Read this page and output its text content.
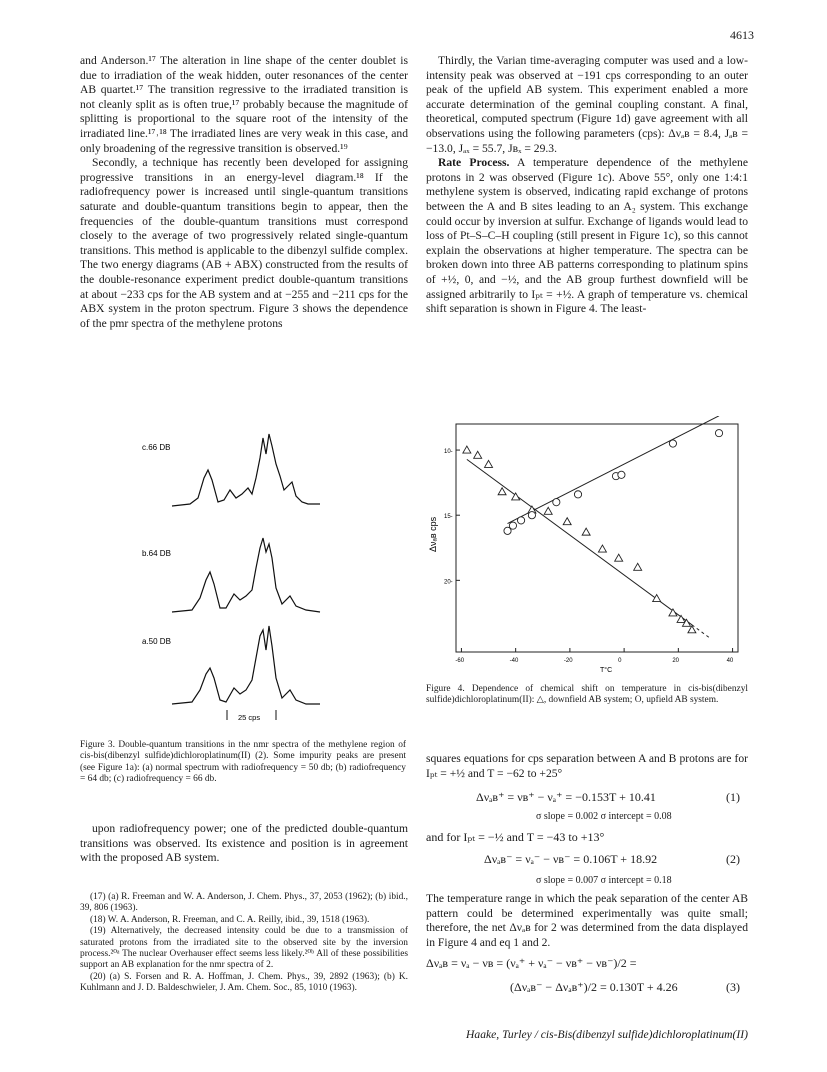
4613

and Anderson.¹⁷ The alteration in line shape of the center doublet is due to irradiation of the weak hidden, outer resonances of the center AB quartet.¹⁷ The transition regressive to the irradiated transition is not cleanly split as is often true,¹⁷ probably because the magnitude of splitting is proportional to the square root of the intensity of the irradiated line.¹⁷˒¹⁸ The irradiated lines are very weak in this case, and only broadening of the regressive transition is observed.¹⁹

Secondly, a technique has recently been developed for assigning progressive transitions in an energy-level diagram.¹⁸ If the radiofrequency power is increased until single-quantum transitions saturate and double-quantum transitions begin to appear, then the frequencies of the double-quantum transitions must correspond closely to the average of two progressively related single-quantum transitions. This method is applicable to the dibenzyl sulfide complex. The two energy diagrams (AB + ABX) constructed from the results of the double-resonance experiment predict double-quantum transitions at about −233 cps for the AB system and at −255 and −211 cps for the ABX system in the proton spectrum. Figure 3 shows the dependence of the pmr spectra of the methylene protons

Thirdly, the Varian time-averaging computer was used and a low-intensity peak was observed at −191 cps corresponding to an outer peak of the upfield AB system. This experiment enabled a more accurate determination of the geminal coupling constant. A final, theoretical, computed spectrum (Figure 1d) gave agreement with all observations using the following parameters (cps): Δνₐʙ = 8.4, Jₐʙ = −13.0, Jₐₓ = 55.7, Jʙₓ = 29.3.

Rate Process. A temperature dependence of the methylene protons in 2 was observed (Figure 1c). Above 55°, only one 1:4:1 methylene system is observed, indicating rapid exchange of protons between the A and B sites leading to an A₂ system. This exchange could occur by inversion at sulfur. Exchange of ligands would lead to loss of Pt–S–C–H coupling (still present in Figure 1c), so this cannot explain the observations at higher temperature. The spectra can be broken down into three AB patterns corresponding to platinum spins of +½, 0, and −½, and the AB group furthest downfield will be assigned arbitrarily to Iₚₜ = +½. A graph of temperature vs. chemical shift separation is shown in Figure 4. The least-

c.66 DB
b.64 DB
a.50 DB
25 cps
Figure 3. Double-quantum transitions in the nmr spectra of the methylene region of cis-bis(dibenzyl sulfide)dichloroplatinum(II) (2). Some impurity peaks are present (see Figure 1a): (a) normal spectrum with radiofrequency = 50 db; (b) radiofrequency = 64 db; (c) radiofrequency = 66 db.
20-
15-
10-
-60	-40	-20	0	20	40
Δνₐʙ cps
T°C
Figure 4. Dependence of chemical shift on temperature in cis-bis(dibenzyl sulfide)dichloroplatinum(II): △, downfield AB system; O, upfield AB system.

upon radiofrequency power; one of the predicted double-quantum transitions was observed. Its existence and position is in agreement with the proposed AB system.

(17) (a) R. Freeman and W. A. Anderson, J. Chem. Phys., 37, 2053 (1962); (b) ibid., 39, 806 (1963).

(18) W. A. Anderson, R. Freeman, and C. A. Reilly, ibid., 39, 1518 (1963).

(19) Alternatively, the decreased intensity could be due to a transmission of saturated protons from the irradiated site to the observed site by the inversion process.²⁰ᵃ The nuclear Overhauser effect seems less likely.²⁰ᵇ All of these possibilities support an AB explanation for the nmr spectra of 2.

(20) (a) S. Forsen and R. A. Hoffman, J. Chem. Phys., 39, 2892 (1963); (b) K. Kuhlmann and J. D. Baldeschwieler, J. Am. Chem. Soc., 85, 1010 (1963).

squares equations for cps separation between A and B protons are for Iₚₜ = +½ and T = −62 to +25°

Δνₐʙ⁺ = νʙ⁺ − νₐ⁺ = −0.153T + 10.41	(1)
σ slope = 0.002 σ intercept = 0.08
and for Iₚₜ = −½ and T = −43 to +13°
Δνₐʙ⁻ = νₐ⁻ − νʙ⁻ = 0.106T + 18.92	(2)
σ slope = 0.007 σ intercept = 0.18

The temperature range in which the peak separation of the center AB pattern could be determined experimentally was quite small; therefore, the net Δνₐʙ for 2 was determined from the data displayed in Figure 4 and eq 1 and 2.

Δνₐʙ = νₐ − νʙ = (νₐ⁺ + νₐ⁻ − νʙ⁺ − νʙ⁻)/2 =
(Δνₐʙ⁻ − Δνₐʙ⁺)/2 = 0.130T + 4.26	(3)
Haake, Turley / cis-Bis(dibenzyl sulfide)dichloroplatinum(II)
